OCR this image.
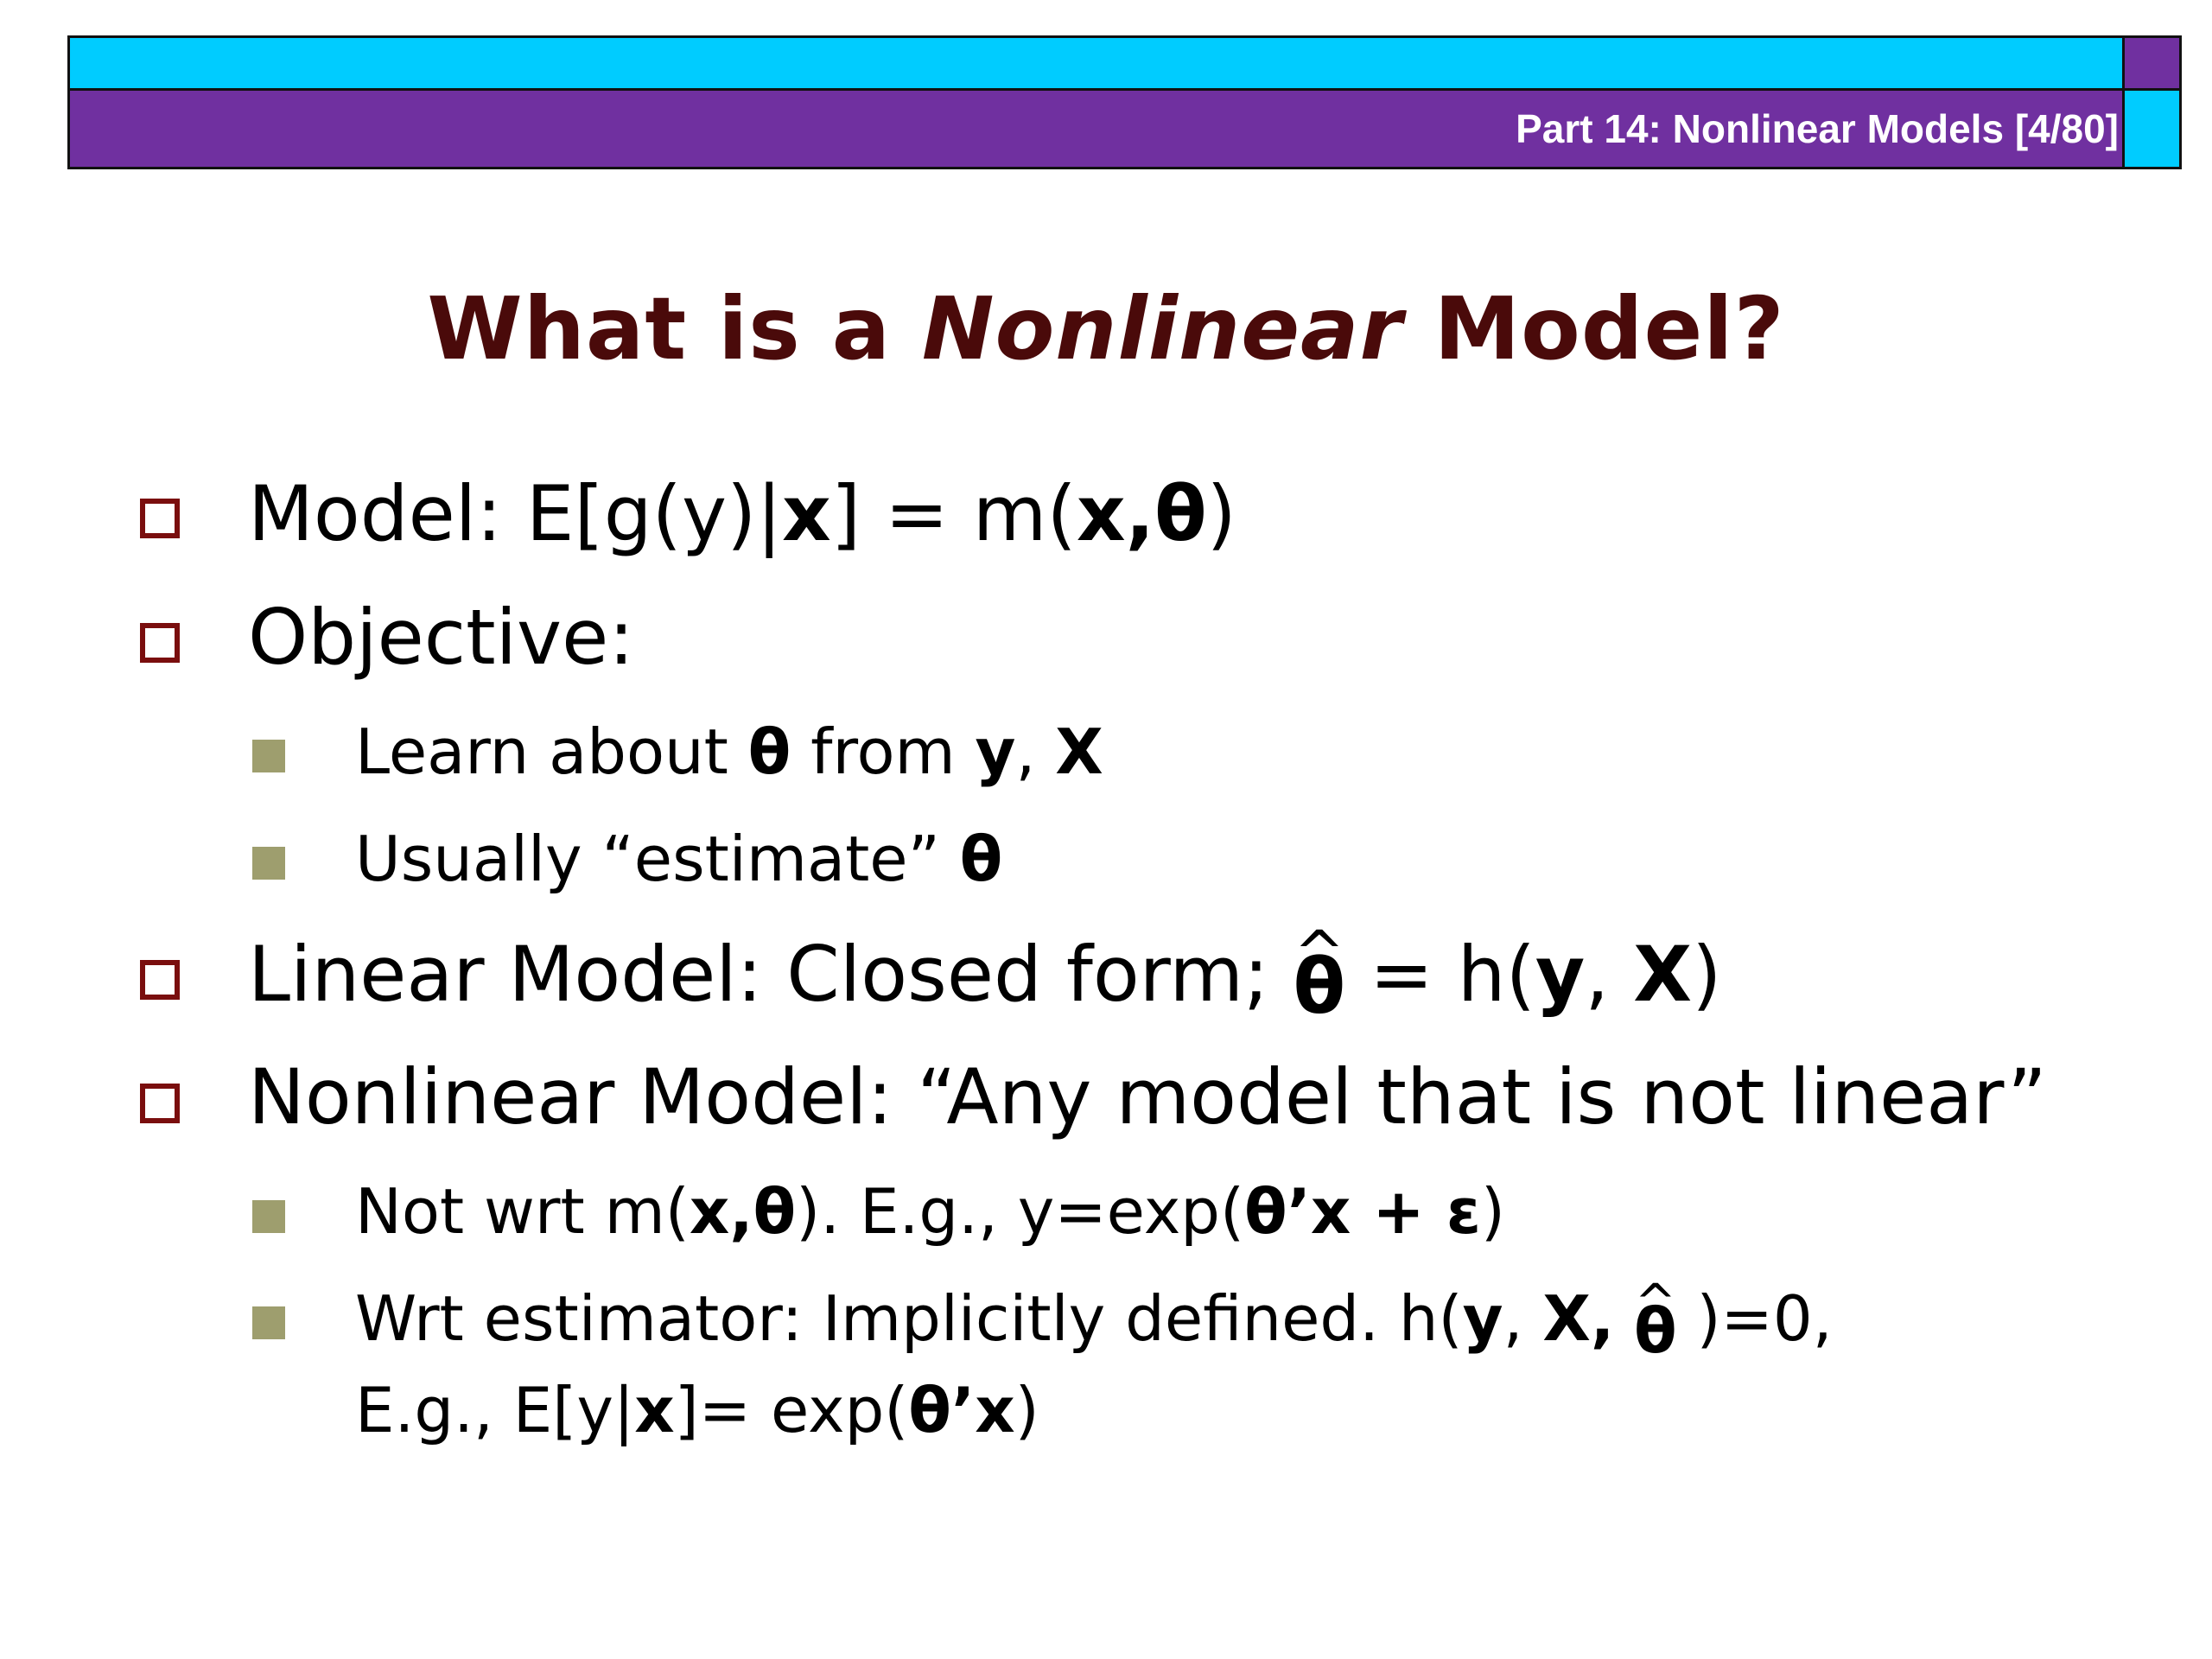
Part 14: Nonlinear Models [4/80]
What is a Nonlinear Model?
Model: E[g(y)|x] = m(x,θ)
Objective:
Learn about θ from y, X
Usually “estimate” θ
Linear Model: Closed form; ^ θ = h(y, X)
Nonlinear Model: “Any model that is not linear”
Not wrt m(x,θ). E.g., y=exp(θ’x + ε)
Wrt estimator: Implicitly defined. h(y, X, ^ θ )=0,
E.g., E[y|x]= exp(θ’x)
